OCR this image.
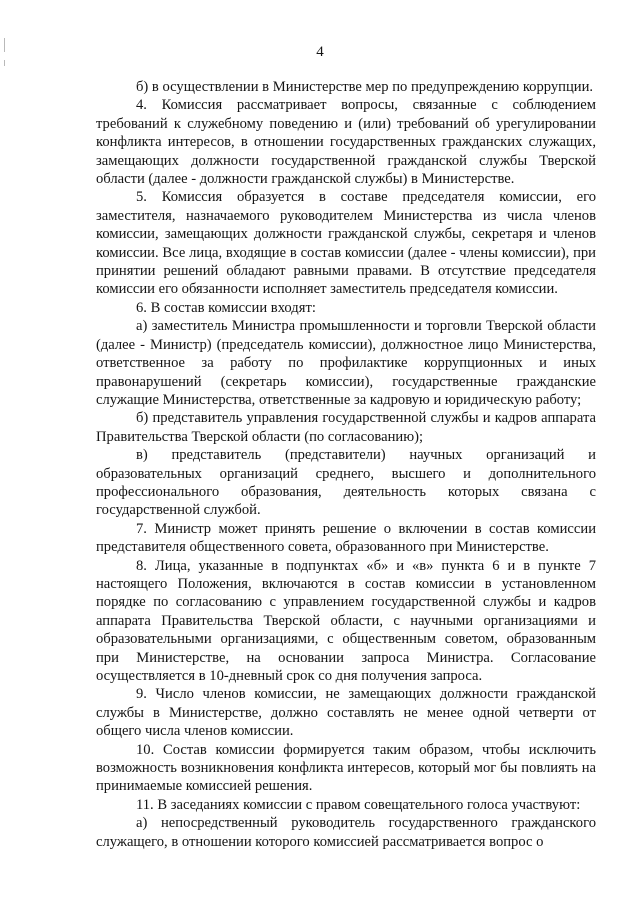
4

б) в осуществлении в Министерстве мер по предупреждению коррупции.

4. Комиссия рассматривает вопросы, связанные с соблюдением требований к служебному поведению и (или) требований об урегулировании конфликта интересов, в отношении государственных гражданских служащих, замещающих должности государственной гражданской службы Тверской области (далее - должности гражданской службы) в Министерстве.

5. Комиссия образуется в составе председателя комиссии, его заместителя, назначаемого руководителем Министерства из числа членов комиссии, замещающих должности гражданской службы, секретаря и членов комиссии. Все лица, входящие в состав комиссии (далее - члены комиссии), при принятии решений обладают равными правами. В отсутствие председателя комиссии его обязанности исполняет заместитель председателя комиссии.

6. В состав комиссии входят:

а) заместитель Министра промышленности и торговли Тверской области (далее - Министр) (председатель комиссии), должностное лицо Министерства, ответственное за работу по профилактике коррупционных и иных правонарушений (секретарь комиссии), государственные гражданские служащие Министерства, ответственные за кадровую и юридическую работу;

б) представитель управления государственной службы и кадров аппарата Правительства Тверской области (по согласованию);

в) представитель (представители) научных организаций и образовательных организаций среднего, высшего и дополнительного профессионального образования, деятельность которых связана с государственной службой.

7. Министр может принять решение о включении в состав комиссии представителя общественного совета, образованного при Министерстве.

8. Лица, указанные в подпунктах «б» и «в» пункта 6 и в пункте 7 настоящего Положения, включаются в состав комиссии в установленном порядке по согласованию с управлением государственной службы и кадров аппарата Правительства Тверской области, с научными организациями и образовательными организациями, с общественным советом, образованным при Министерстве, на основании запроса Министра. Согласование осуществляется в 10-дневный срок со дня получения запроса.

9. Число членов комиссии, не замещающих должности гражданской службы в Министерстве, должно составлять не менее одной четверти от общего числа членов комиссии.

10. Состав комиссии формируется таким образом, чтобы исключить возможность возникновения конфликта интересов, который мог бы повлиять на принимаемые комиссией решения.

11. В заседаниях комиссии с правом совещательного голоса участвуют:

а) непосредственный руководитель государственного гражданского служащего, в отношении которого комиссией рассматривается вопрос о
